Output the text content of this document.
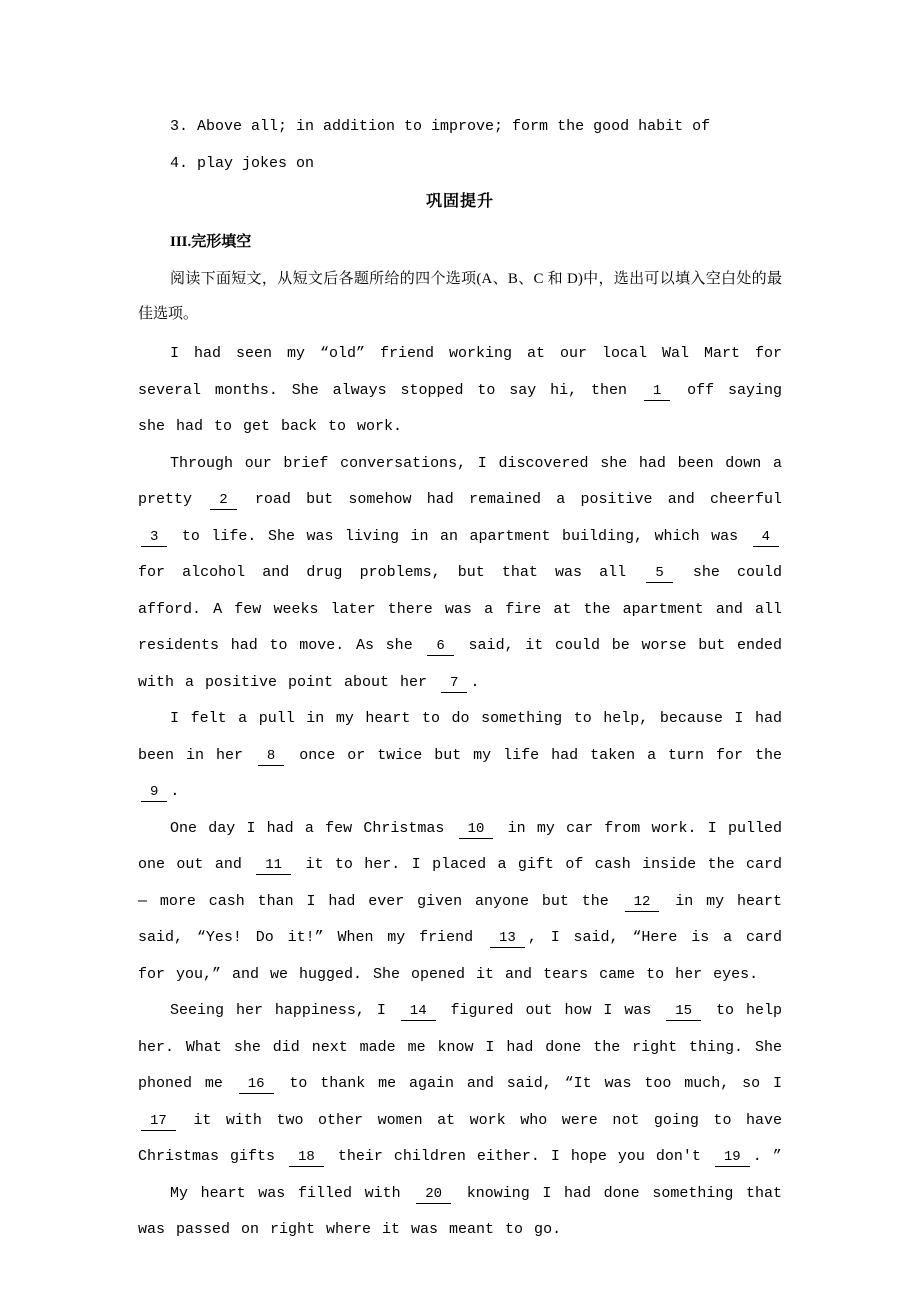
3. Above all; in addition to improve; form the good habit of
4. play jokes on
巩固提升
III.完形填空

阅读下面短文，从短文后各题所给的四个选项(A、B、C 和 D)中，选出可以填入空白处的最佳选项。

I had seen my “old” friend working at our local Wal Mart for several months. She always stopped to say hi, then 1 off saying she had to get back to work.

Through our brief conversations, I discovered she had been down a pretty 2 road but somehow had remained a positive and cheerful 3 to life. She was living in an apartment building, which was 4 for alcohol and drug problems, but that was all 5 she could afford. A few weeks later there was a fire at the apartment and all residents had to move. As she 6 said, it could be worse but ended with a positive point about her 7 .

I felt a pull in my heart to do something to help, because I had been in her 8 once or twice but my life had taken a turn for the 9 .

One day I had a few Christmas 10 in my car from work. I pulled one out and 11 it to her. I placed a gift of cash inside the card— more cash than I had ever given anyone but the 12 in my heart said, “Yes! Do it!” When my friend 13 , I said, “Here is a card for you,” and we hugged. She opened it and tears came to her eyes.

Seeing her happiness, I 14 figured out how I was 15 to help her. What she did next made me know I had done the right thing. She phoned me 16 to thank me again and said, “It was too much, so I 17 it with two other women at work who were not going to have Christmas gifts 18 their children either. I hope you don't 19 . ”

My heart was filled with 20 knowing I had done something that was passed on right where it was meant to go.
